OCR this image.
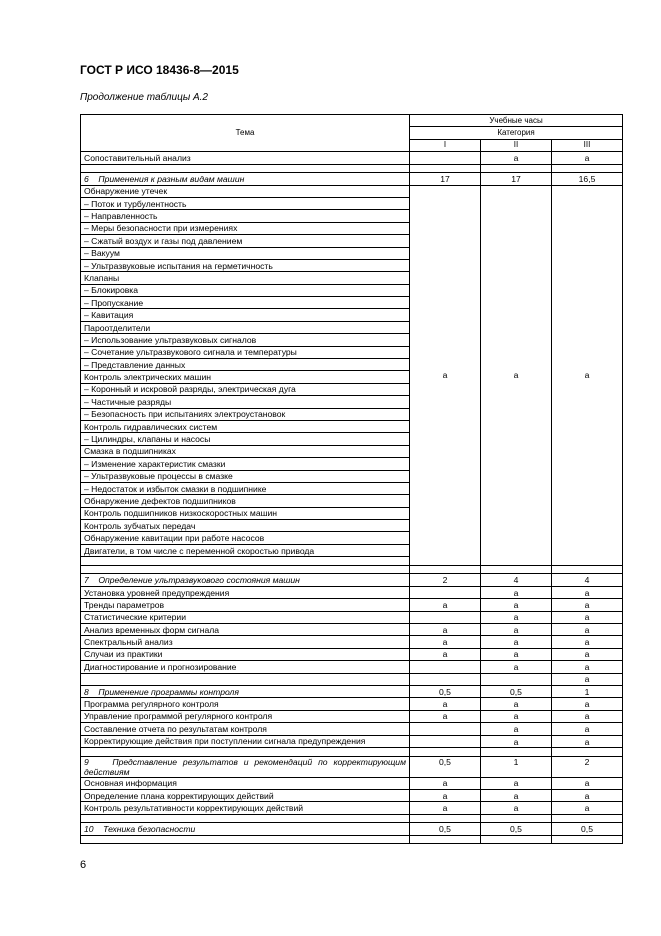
ГОСТ Р ИСО 18436-8—2015
Продолжение таблицы А.2
Тема	Учебные часы		
	Категория		
	I	II	III
Сопоставительный анализ		a	a

6 Применения к разным видам машин	17	17	16,5
Обнаружение утечек	a	a	a
– Поток и турбулентность			
– Направленность			
– Меры безопасности при измерениях			
– Сжатый воздух и газы под давлением			
– Вакуум			
– Ультразвуковые испытания на герметичность			
Клапаны			
– Блокировка			
– Пропускание			
– Кавитация			
Пароотделители			
– Использование ультразвуковых сигналов			
– Сочетание ультразвукового сигнала и температуры			
– Представление данных			
Контроль электрических машин			
– Коронный и искровой разряды, электрическая дуга			
– Частичные разряды			
– Безопасность при испытаниях электроустановок			
Контроль гидравлических систем			
– Цилиндры, клапаны и насосы			
Смазка в подшипниках			
– Изменение характеристик смазки			
– Ультразвуковые процессы в смазке			
– Недостаток и избыток смазки в подшипнике			
Обнаружение дефектов подшипников			
Контроль подшипников низкоскоростных машин			
Контроль зубчатых передач			
Обнаружение кавитации при работе насосов			
Двигатели, в том числе с переменной скоростью привода			

7 Определение ультразвукового состояния машин	2	4	4
Установка уровней предупреждения		a	a
Тренды параметров	a	a	a
Статистические критерии		a	a
Анализ временных форм сигнала	a	a	a
Спектральный анализ	a	a	a
Случаи из практики	a	a	a
Диагностирование и прогнозирование		a	a
			a
8 Применение программы контроля	0,5	0,5	1
Программа регулярного контроля	a	a	a
Управление программой регулярного контроля	a	a	a
Составление отчета по результатам контроля		a	a
Корректирующие действия при поступлении сигнала предупреждения		a	a

9 Представление результатов и рекомендаций по корректирующим действиям	0,5	1	2
Основная информация	a	a	a
Определение плана корректирующих действий	a	a	a
Контроль результативности корректирующих действий	a	a	a

10 Техника безопасности	0,5	0,5	0,5

6
